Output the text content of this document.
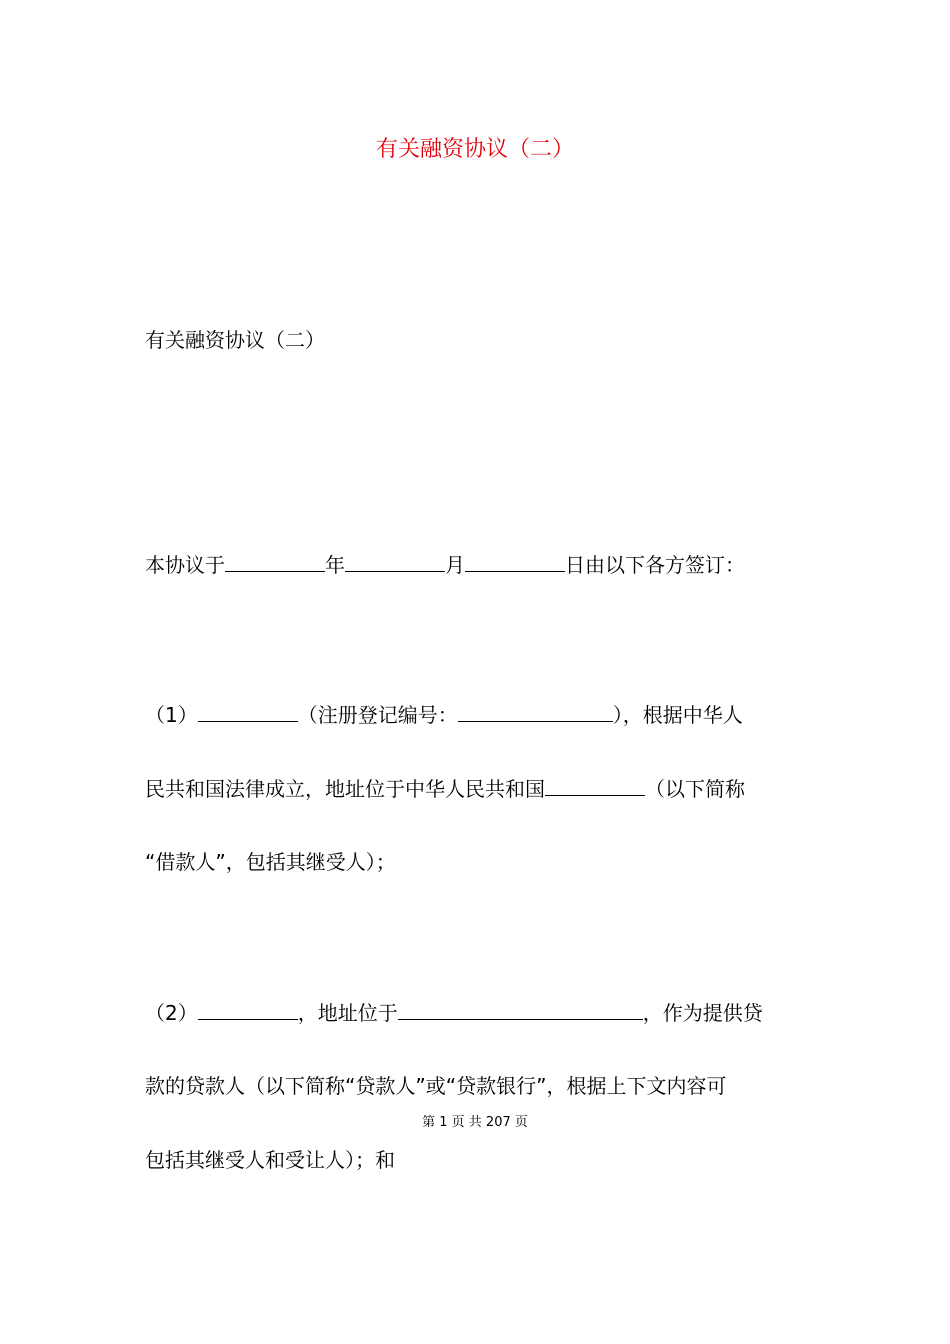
有关融资协议（二）
有关融资协议（二）
本协议于	年	月	日由以下各方签订：
（1）	（注册登记编号：	），根据中华人
民共和国法律成立，地址位于中华人民共和国	（以下简称
“借款人”，包括其继受人）；
（2）	，地址位于	，作为提供贷
款的贷款人（以下简称“贷款人”或“贷款银行”，根据上下文内容可
第 1 页 共 207 页
包括其继受人和受让人）；和
